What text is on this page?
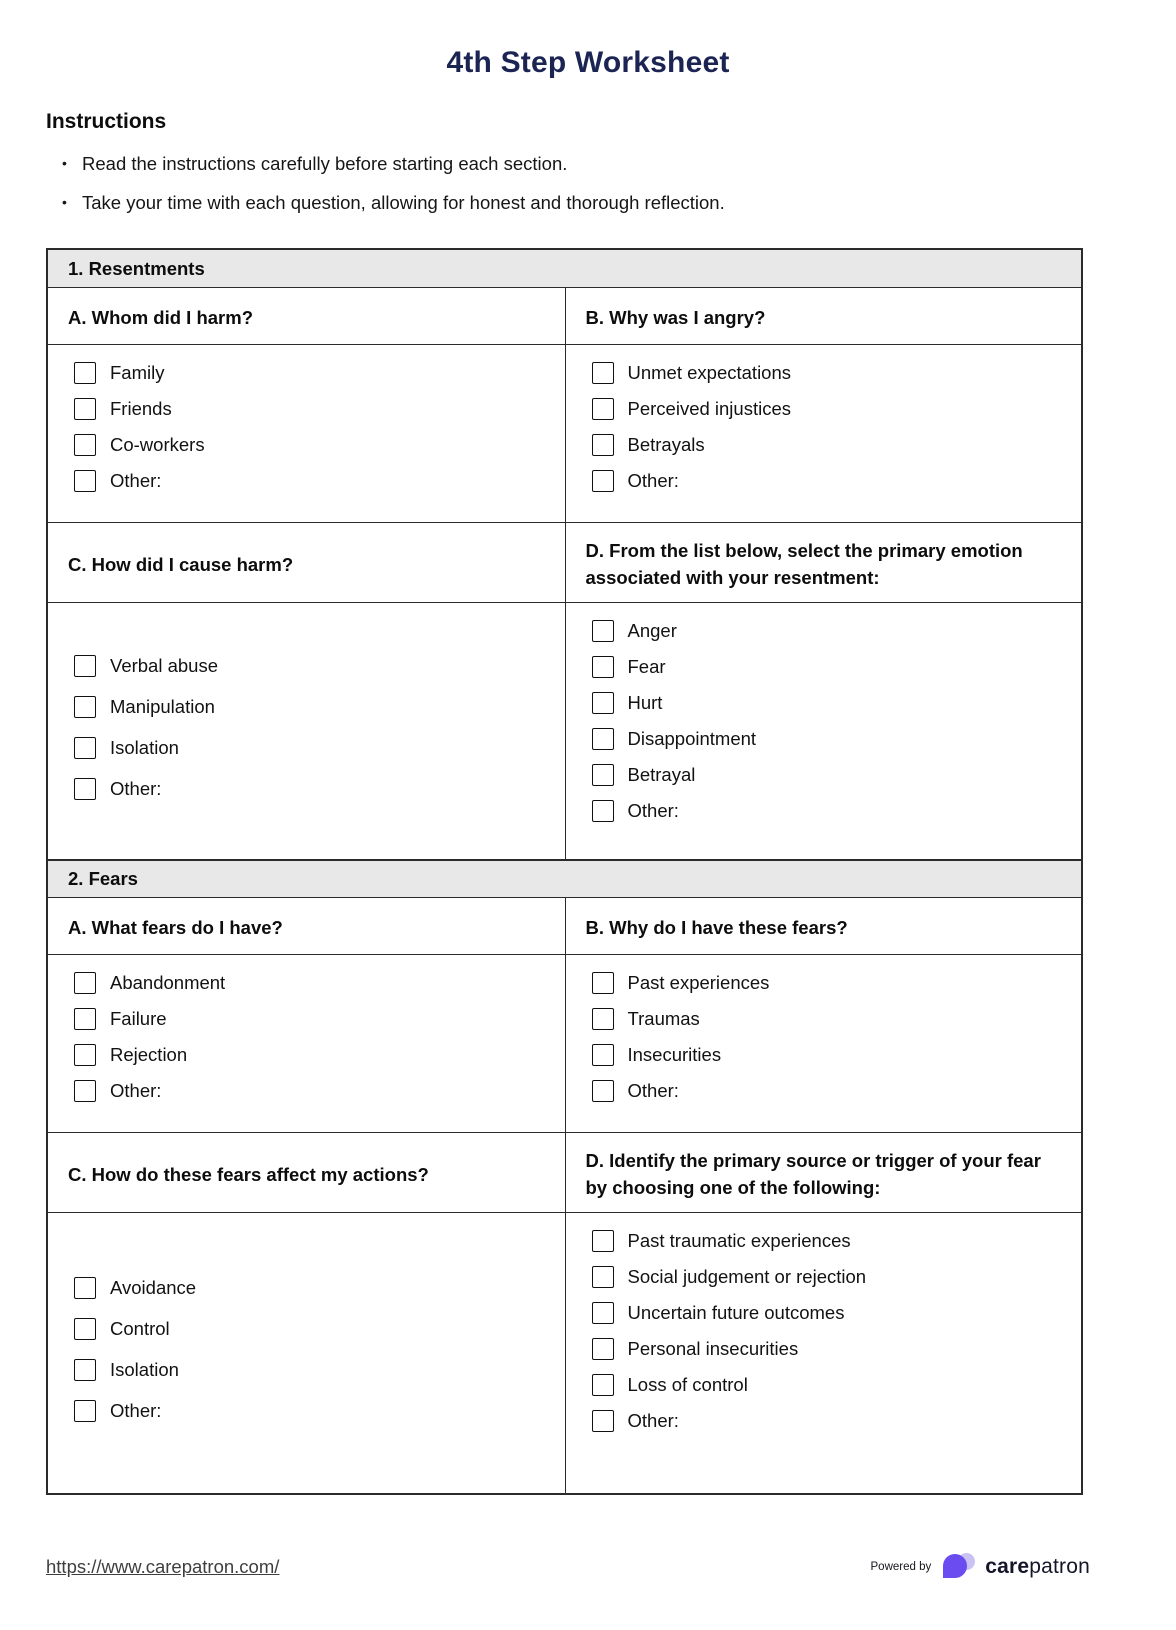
4th Step Worksheet
Instructions
• Read the instructions carefully before starting each section.
• Take your time with each question, allowing for honest and thorough reflection.
1. Resentments
A. Whom did I harm?	B. Why was I angry?
Family
Friends
Co-workers
Other:
Unmet expectations
Perceived injustices
Betrayals
Other:
C. How did I cause harm?
D. From the list below, select the primary emotion associated with your resentment:
Verbal abuse
Manipulation
Isolation
Other:
Anger
Fear
Hurt
Disappointment
Betrayal
Other:
2. Fears
A. What fears do I have?	B. Why do I have these fears?
Abandonment
Failure
Rejection
Other:
Past experiences
Traumas
Insecurities
Other:
C. How do these fears affect my actions?
D. Identify the primary source or trigger of your fear by choosing one of the following:
Avoidance
Control
Isolation
Other:
Past traumatic experiences
Social judgement or rejection
Uncertain future outcomes
Personal insecurities
Loss of control
Other:
https://www.carepatron.com/	Powered by	carepatron
